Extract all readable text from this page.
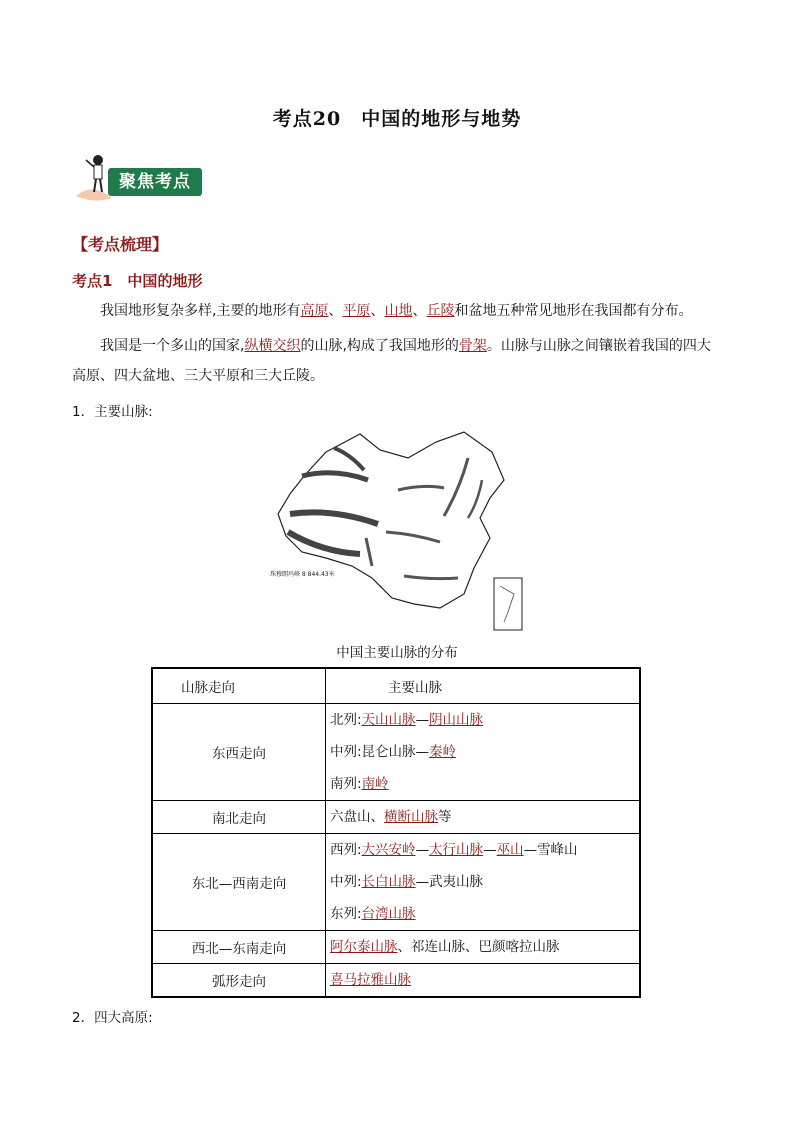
考点20　中国的地形与地势
聚焦考点
【考点梳理】
考点1　中国的地形
我国地形复杂多样,主要的地形有高原、平原、山地、丘陵和盆地五种常见地形在我国都有分布。
我国是一个多山的国家,纵横交织的山脉,构成了我国地形的骨架。山脉与山脉之间镶嵌着我国的四大高原、四大盆地、三大平原和三大丘陵。
1．主要山脉:
珠穆朗玛峰 8 844.43米
中国主要山脉的分布
山脉走向	主要山脉
东西走向	北列:天山山脉—阴山山脉
中列:昆仑山脉—秦岭
南列:南岭

南北走向	六盘山、横断山脉等

东北—西南走向	西列:大兴安岭—太行山脉—巫山—雪峰山
中列:长白山脉—武夷山脉
东列:台湾山脉

西北—东南走向	阿尔泰山脉、祁连山脉、巴颜喀拉山脉

弧形走向	喜马拉雅山脉
2．四大高原:
